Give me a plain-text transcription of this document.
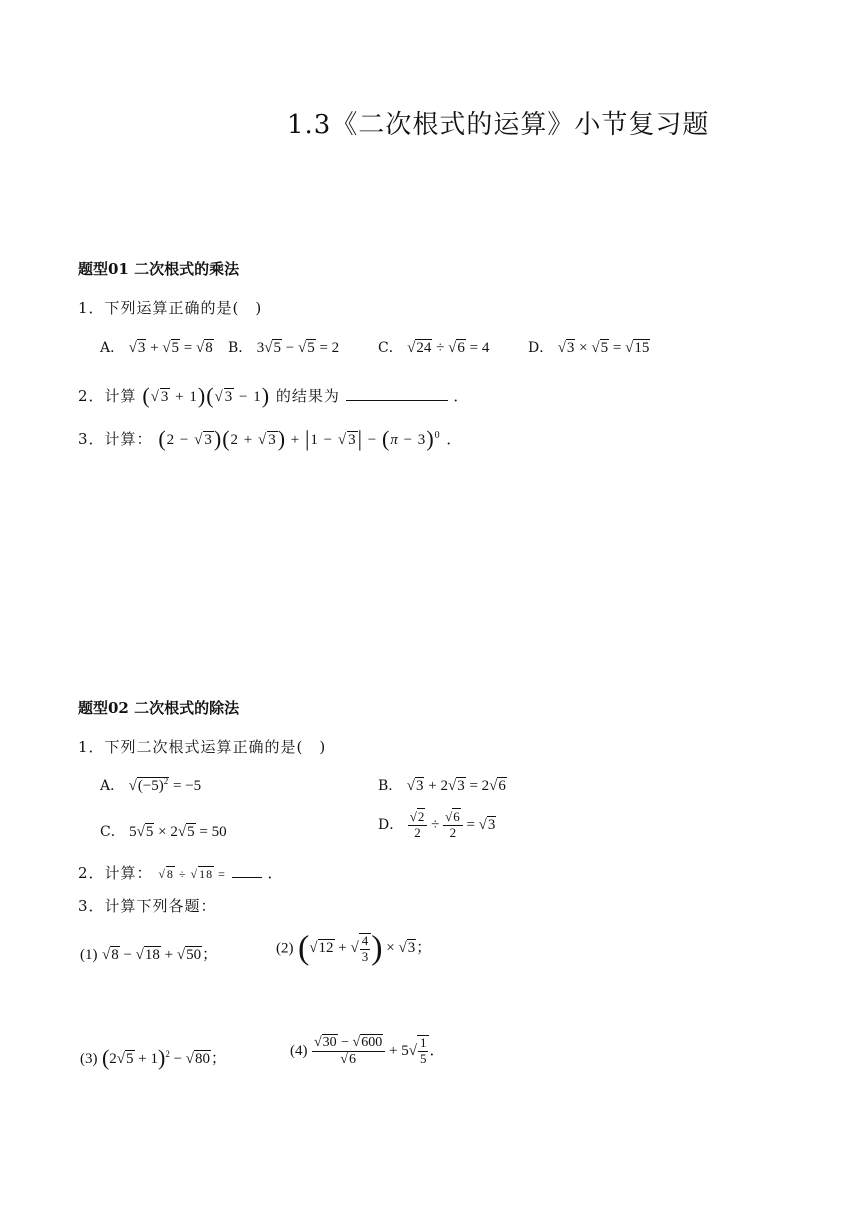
1.3《二次根式的运算》小节复习题
题型01 二次根式的乘法
1．下列运算正确的是(　)
A． √3 + √5 = √8 B． 3√5 − √5 = 2	C． √24 ÷ √6 = 4	D． √3 × √5 = √15
2．计算 (√3 + 1)(√3 − 1) 的结果为	．
3．计算： $(2 - √3)(2 + √3) + |1 - √3| - (\pi - 3)^0$ ．
题型02 二次根式的除法
1．下列二次根式运算正确的是(　)
A． $√(-5)^2 = -5$	B． √3 + 2√3 = 2√6
C． 5√5 × 2√5 = 50	D． $\frac{√2}{2} \div \frac{√6}{2} = √3$
2．计算： √8 ÷ √18 =	．
3．计算下列各题：
(1) √8 − √18 + √50；	(2) (√12 + √ $\frac{4}{3}$ ) × √3；
(3) $(2√5 + 1)^2 - √80$；	$(4) \frac{√30 - √600}{√6} + 5√ \frac{1}{5}$ ．
